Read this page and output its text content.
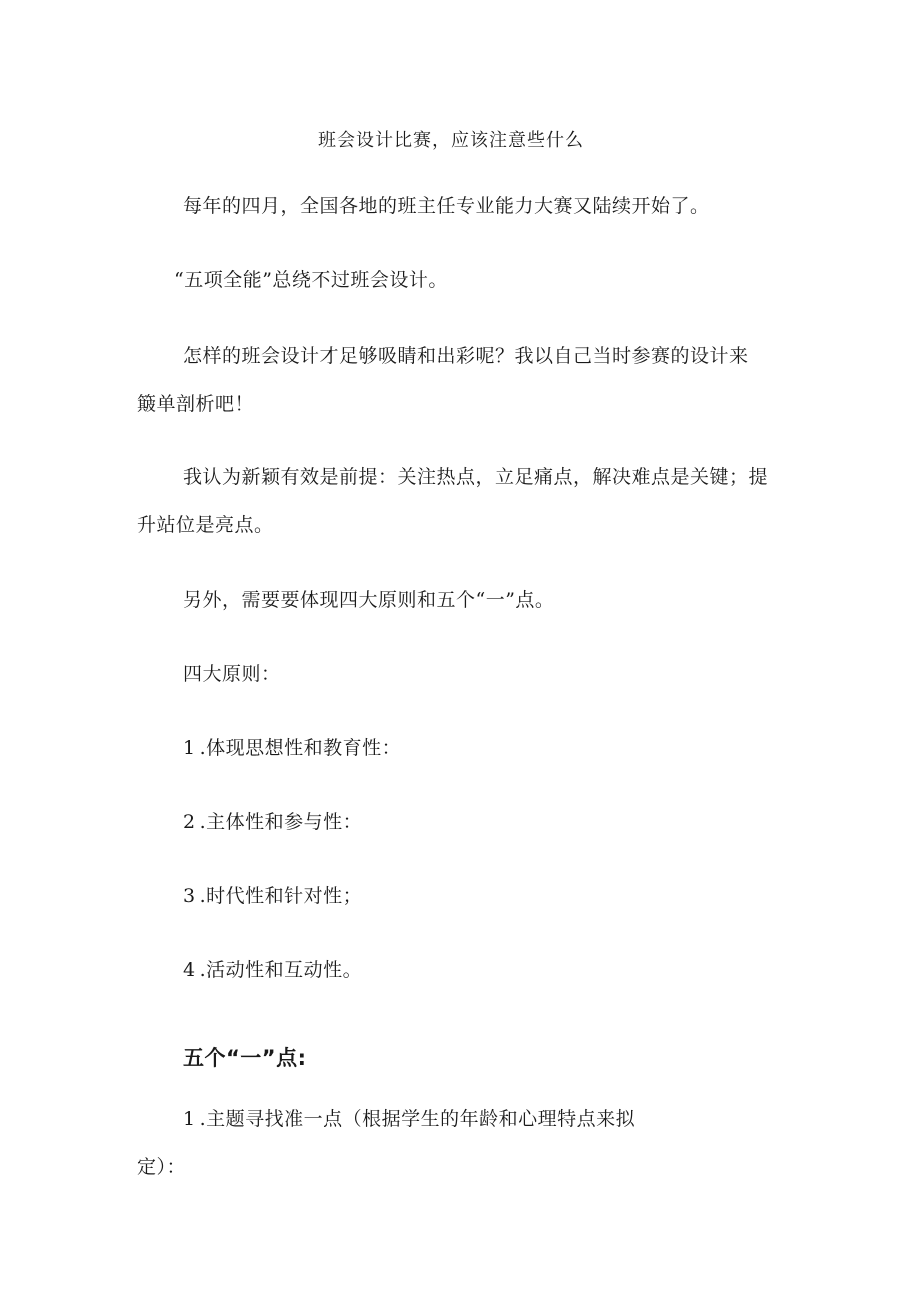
班会设计比赛，应该注意些什么
每年的四月，全国各地的班主任专业能力大赛又陆续开始了。
“五项全能”总绕不过班会设计。
怎样的班会设计才足够吸睛和出彩呢？我以自己当时参赛的设计来
簸单剖析吧！
我认为新颖有效是前提：关注热点，立足痛点，解决难点是关键；提
升站位是亮点。
另外，需要要体现四大原则和五个“一”点。
四大原则：
1 .体现思想性和教育性：
2 .主体性和参与性：
3 .时代性和针对性；
4 .活动性和互动性。
五个“一”点:
1 .主题寻找准一点（根据学生的年龄和心理特点来拟
定）：
